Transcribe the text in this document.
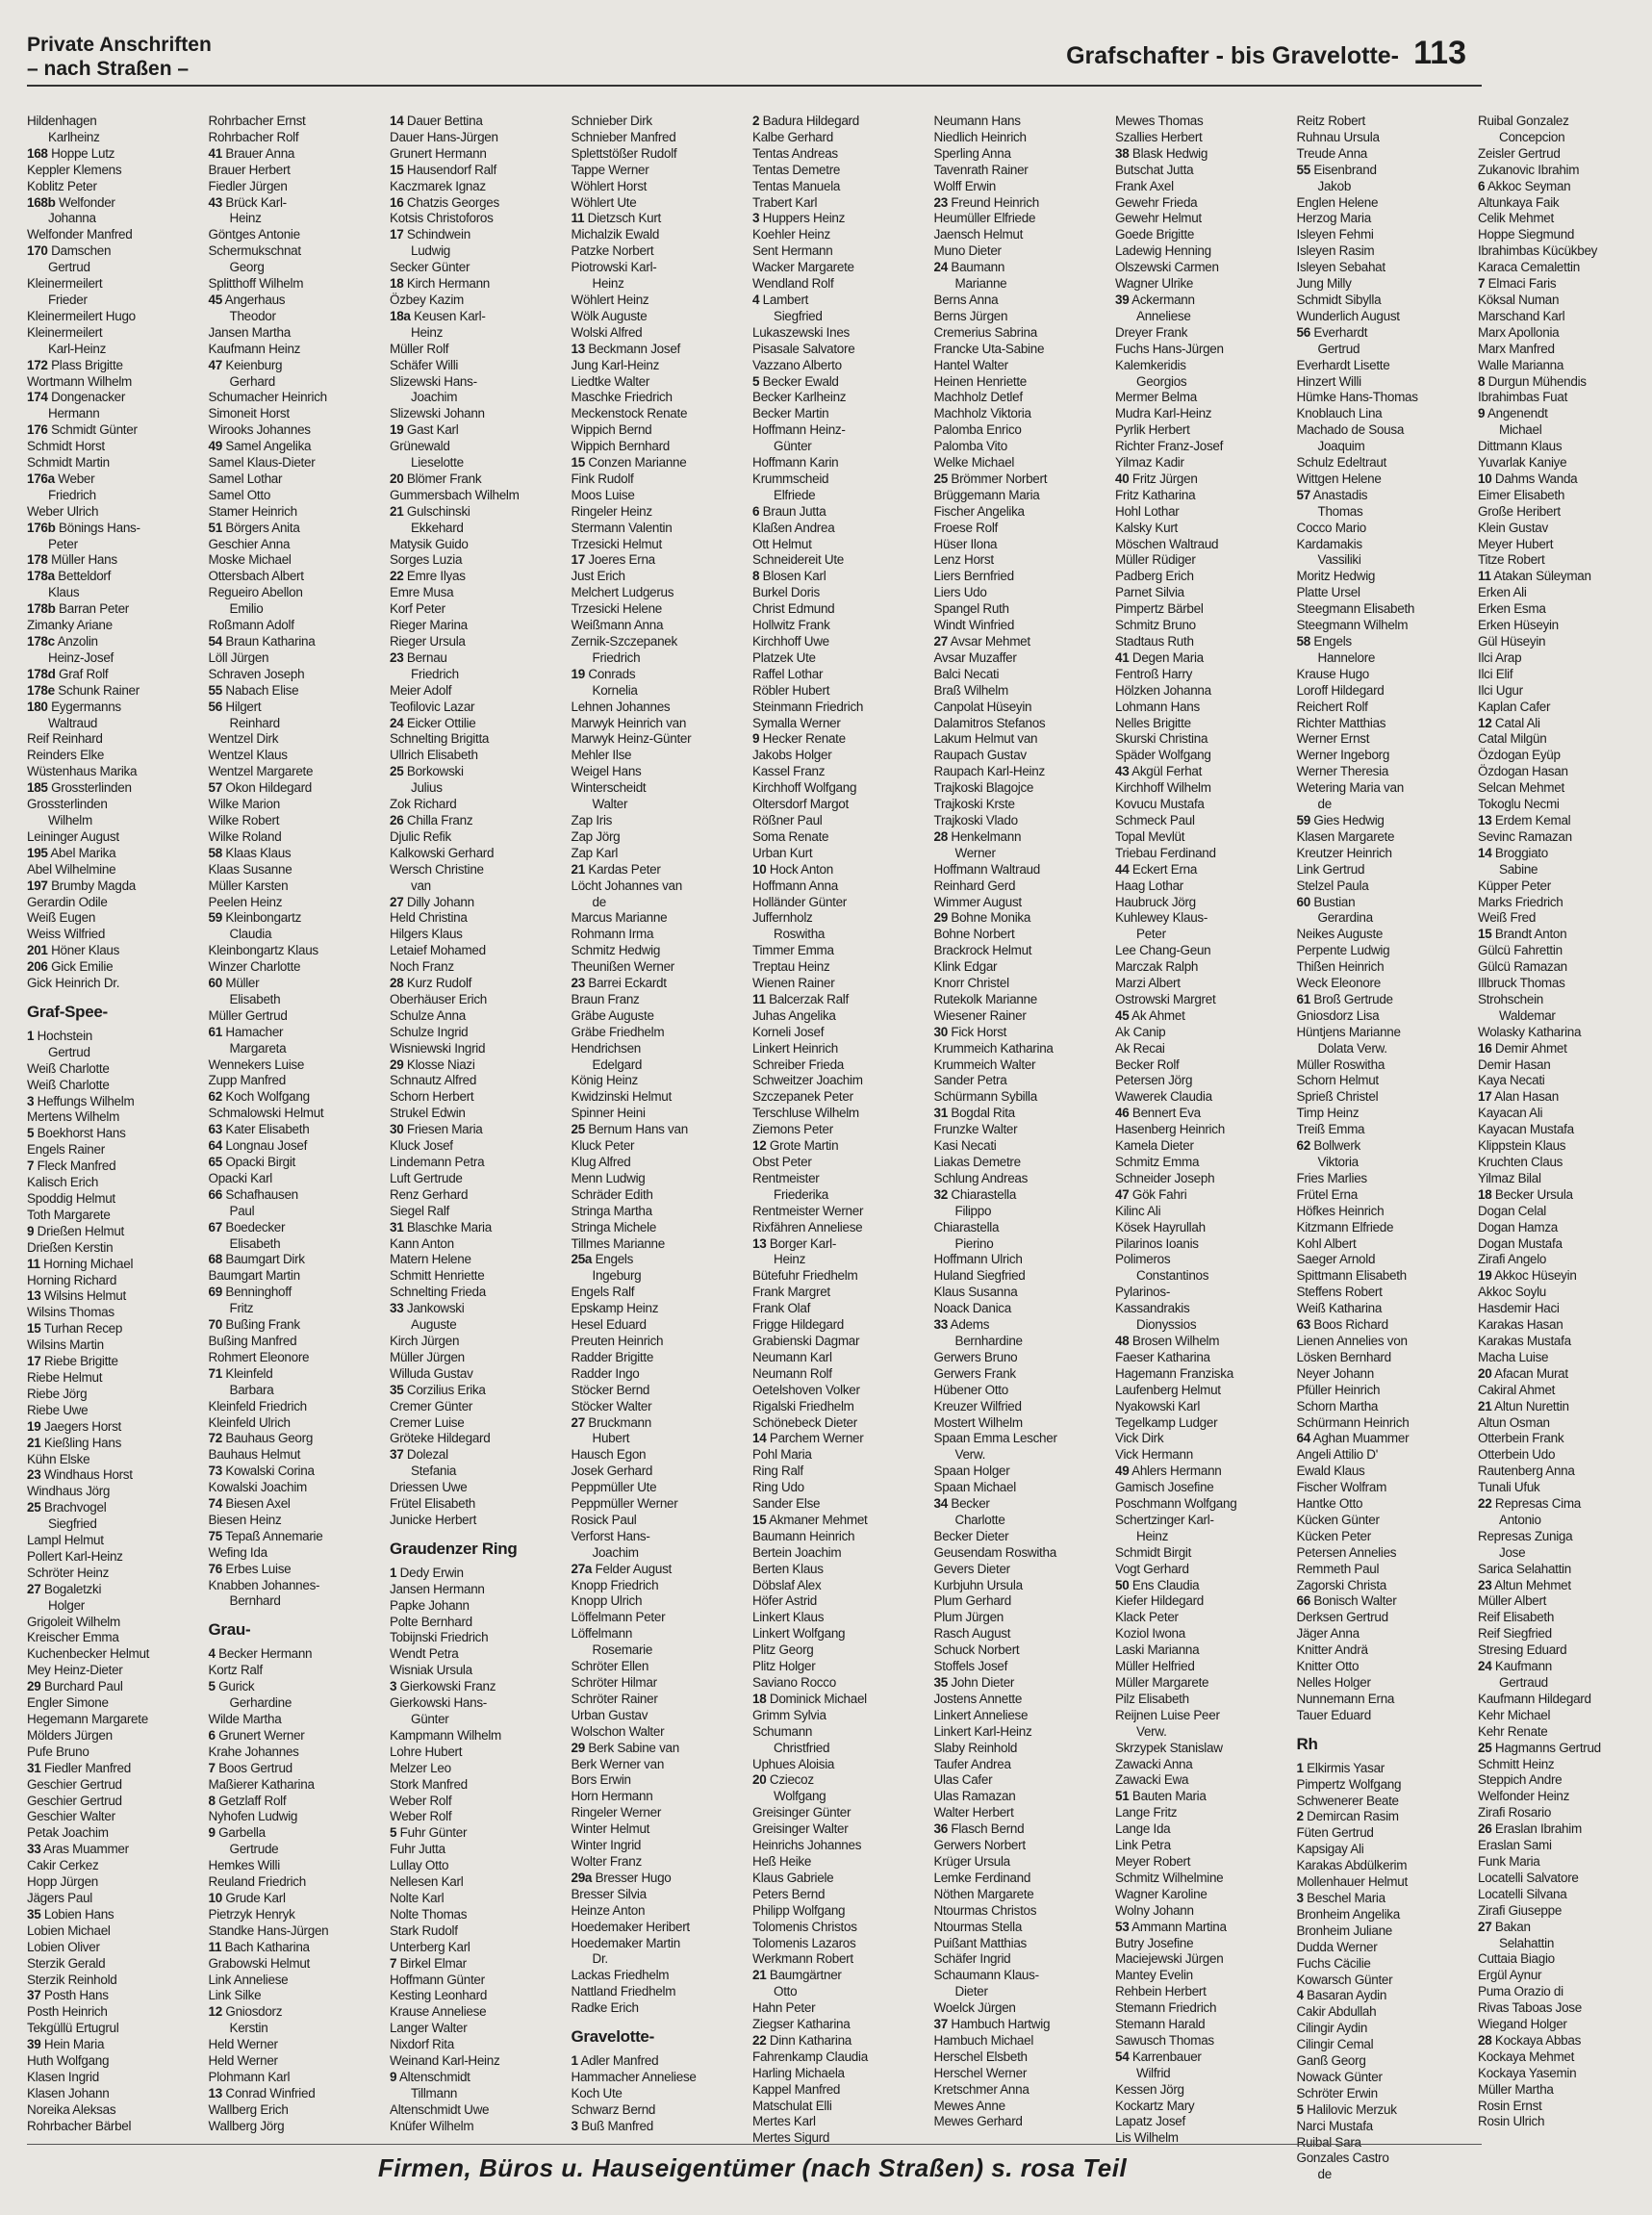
Private Anschriften
– nach Straßen –	Grafschafter - bis Gravelotte- 113
Hildenhagen
Karlheinz
168 Hoppe Lutz
Keppler Klemens
Koblitz Peter
168b Welfonder
Johanna
Welfonder Manfred
170 Damschen
Gertrud
Kleinermeilert
Frieder
Kleinermeilert Hugo
Kleinermeilert
Karl-Heinz
172 Plass Brigitte
Wortmann Wilhelm
174 Dongenacker
Hermann
176 Schmidt Günter
Schmidt Horst
Schmidt Martin
176a Weber
Friedrich
Weber Ulrich
176b Bönings Hans-
Peter
178 Müller Hans
178a Betteldorf
Klaus
178b Barran Peter
Zimanky Ariane
178c Anzolin
Heinz-Josef
178d Graf Rolf
178e Schunk Rainer
180 Eygermanns
Waltraud
Reif Reinhard
Reinders Elke
Wüstenhaus Marika
185 Grossterlinden
Grossterlinden
Wilhelm
Leininger August
195 Abel Marika
Abel Wilhelmine
197 Brumby Magda
Gerardin Odile
Weiß Eugen
Weiss Wilfried
201 Höner Klaus
206 Gick Emilie
Gick Heinrich Dr.
Graf-Spee-
1 Hochstein
Gertrud
Weiß Charlotte
Weiß Charlotte
3 Heffungs Wilhelm
Mertens Wilhelm
5 Boekhorst Hans
Engels Rainer
7 Fleck Manfred
Kalisch Erich
Spoddig Helmut
Toth Margarete
9 Drießen Helmut
Drießen Kerstin
11 Horning Michael
Horning Richard
13 Wilsins Helmut
Wilsins Thomas
15 Turhan Recep
Wilsins Martin
17 Riebe Brigitte
Riebe Helmut
Riebe Jörg
Riebe Uwe
19 Jaegers Horst
21 Kießling Hans
Kühn Elske
23 Windhaus Horst
Windhaus Jörg
25 Brachvogel
Siegfried
Lampl Helmut
Pollert Karl-Heinz
Schröter Heinz
27 Bogaletzki
Holger
Grigoleit Wilhelm
Kreischer Emma
Kuchenbecker Helmut
Mey Heinz-Dieter
29 Burchard Paul
Engler Simone
Hegemann Margarete
Mölders Jürgen
Pufe Bruno
31 Fiedler Manfred
Geschier Gertrud
Geschier Gertrud
Geschier Walter
Petak Joachim
33 Aras Muammer
Cakir Cerkez
Hopp Jürgen
Jägers Paul
35 Lobien Hans
Lobien Michael
Lobien Oliver
Sterzik Gerald
Sterzik Reinhold
37 Posth Hans
Posth Heinrich
Tekgüllü Ertugrul
39 Hein Maria
Huth Wolfgang
Klasen Ingrid
Klasen Johann
Noreika Aleksas
Rohrbacher Bärbel
Rohrbacher Ernst
Rohrbacher Rolf
41 Brauer Anna
Brauer Herbert
Fiedler Jürgen
43 Brück Karl-
Heinz
Göntges Antonie
Schermukschnat
Georg
Splitthoff Wilhelm
45 Angerhaus
Theodor
Jansen Martha
Kaufmann Heinz
47 Keienburg
Gerhard
Schumacher Heinrich
Simoneit Horst
Wirooks Johannes
49 Samel Angelika
Samel Klaus-Dieter
Samel Lothar
Samel Otto
Stamer Heinrich
51 Börgers Anita
Geschier Anna
Moske Michael
Ottersbach Albert
Regueiro Abellon
Emilio
Roßmann Adolf
54 Braun Katharina
Löll Jürgen
Schraven Joseph
55 Nabach Elise
56 Hilgert
Reinhard
Wentzel Dirk
Wentzel Klaus
Wentzel Margarete
57 Okon Hildegard
Wilke Marion
Wilke Robert
Wilke Roland
58 Klaas Klaus
Klaas Susanne
Müller Karsten
Peelen Heinz
59 Kleinbongartz
Claudia
Kleinbongartz Klaus
Winzer Charlotte
60 Müller
Elisabeth
Müller Gertrud
61 Hamacher
Margareta
Wennekers Luise
Zupp Manfred
62 Koch Wolfgang
Schmalowski Helmut
63 Kater Elisabeth
64 Longnau Josef
65 Opacki Birgit
Opacki Karl
66 Schafhausen
Paul
67 Boedecker
Elisabeth
68 Baumgart Dirk
Baumgart Martin
69 Benninghoff
Fritz
70 Bußing Frank
Bußing Manfred
Rohmert Eleonore
71 Kleinfeld
Barbara
Kleinfeld Friedrich
Kleinfeld Ulrich
72 Bauhaus Georg
Bauhaus Helmut
73 Kowalski Corina
Kowalski Joachim
74 Biesen Axel
Biesen Heinz
75 Tepaß Annemarie
Wefing Ida
76 Erbes Luise
Knabben Johannes-
Bernhard
Grau-
4 Becker Hermann
Kortz Ralf
5 Gurick
Gerhardine
Wilde Martha
6 Grunert Werner
Krahe Johannes
7 Boos Gertrud
Maßierer Katharina
8 Getzlaff Rolf
Nyhofen Ludwig
9 Garbella
Gertrude
Hemkes Willi
Reuland Friedrich
10 Grude Karl
Pietrzyk Henryk
Standke Hans-Jürgen
11 Bach Katharina
Grabowski Helmut
Link Anneliese
Link Silke
12 Gniosdorz
Kerstin
Held Werner
Held Werner
Plohmann Karl
13 Conrad Winfried
Wallberg Erich
Wallberg Jörg
14 Dauer Bettina
Dauer Hans-Jürgen
Grunert Hermann
15 Hausendorf Ralf
Kaczmarek Ignaz
16 Chatzis Georges
Kotsis Christoforos
17 Schindwein
Ludwig
Secker Günter
18 Kirch Hermann
Özbey Kazim
18a Keusen Karl-
Heinz
Müller Rolf
Schäfer Willi
Slizewski Hans-
Joachim
Slizewski Johann
19 Gast Karl
Grünewald
Lieselotte
20 Blömer Frank
Gummersbach Wilhelm
21 Gulschinski
Ekkehard
Matysik Guido
Sorges Luzia
22 Emre Ilyas
Emre Musa
Korf Peter
Rieger Marina
Rieger Ursula
23 Bernau
Friedrich
Meier Adolf
Teofilovic Lazar
24 Eicker Ottilie
Schnelting Brigitta
Ullrich Elisabeth
25 Borkowski
Julius
Zok Richard
26 Chilla Franz
Djulic Refik
Kalkowski Gerhard
Wersch Christine
van
27 Dilly Johann
Held Christina
Hilgers Klaus
Letaief Mohamed
Noch Franz
28 Kurz Rudolf
Oberhäuser Erich
Schulze Anna
Schulze Ingrid
Wisniewski Ingrid
29 Klosse Niazi
Schnautz Alfred
Schorn Herbert
Strukel Edwin
30 Friesen Maria
Kluck Josef
Lindemann Petra
Luft Gertrude
Renz Gerhard
Siegel Ralf
31 Blaschke Maria
Kann Anton
Matern Helene
Schmitt Henriette
Schnelting Frieda
33 Jankowski
Auguste
Kirch Jürgen
Müller Jürgen
Willuda Gustav
35 Corzilius Erika
Cremer Günter
Cremer Luise
Gröteke Hildegard
37 Dolezal
Stefania
Driessen Uwe
Frütel Elisabeth
Junicke Herbert
Graudenzer Ring
1 Dedy Erwin
Jansen Hermann
Papke Johann
Polte Bernhard
Tobijnski Friedrich
Wendt Petra
Wisniak Ursula
3 Gierkowski Franz
Gierkowski Hans-
Günter
Kampmann Wilhelm
Lohre Hubert
Melzer Leo
Stork Manfred
Weber Rolf
Weber Rolf
5 Fuhr Günter
Fuhr Jutta
Lullay Otto
Nellesen Karl
Nolte Karl
Nolte Thomas
Stark Rudolf
Unterberg Karl
7 Birkel Elmar
Hoffmann Günter
Kesting Leonhard
Krause Anneliese
Langer Walter
Nixdorf Rita
Weinand Karl-Heinz
9 Altenschmidt
Tillmann
Altenschmidt Uwe
Knüfer Wilhelm
Schnieber Dirk
Schnieber Manfred
Splettstößer Rudolf
Tappe Werner
Wöhlert Horst
Wöhlert Ute
11 Dietzsch Kurt
Michalzik Ewald
Patzke Norbert
Piotrowski Karl-
Heinz
Wöhlert Heinz
Wölk Auguste
Wolski Alfred
13 Beckmann Josef
Jung Karl-Heinz
Liedtke Walter
Maschke Friedrich
Meckenstock Renate
Wippich Bernd
Wippich Bernhard
15 Conzen Marianne
Fink Rudolf
Moos Luise
Ringeler Heinz
Stermann Valentin
Trzesicki Helmut
17 Joeres Erna
Just Erich
Melchert Ludgerus
Trzesicki Helene
Weißmann Anna
Zernik-Szczepanek
Friedrich
19 Conrads
Kornelia
Lehnen Johannes
Marwyk Heinrich van
Marwyk Heinz-Günter
Mehler Ilse
Weigel Hans
Winterscheidt
Walter
Zap Iris
Zap Jörg
Zap Karl
21 Kardas Peter
Löcht Johannes van
de
Marcus Marianne
Rohmann Irma
Schmitz Hedwig
Theunißen Werner
23 Barrei Eckardt
Braun Franz
Gräbe Auguste
Gräbe Friedhelm
Hendrichsen
Edelgard
König Heinz
Kwidzinski Helmut
Spinner Heini
25 Bernum Hans van
Kluck Peter
Klug Alfred
Menn Ludwig
Schräder Edith
Stringa Martha
Stringa Michele
Tillmes Marianne
25a Engels
Ingeburg
Engels Ralf
Epskamp Heinz
Hesel Eduard
Preuten Heinrich
Radder Brigitte
Radder Ingo
Stöcker Bernd
Stöcker Walter
27 Bruckmann
Hubert
Hausch Egon
Josek Gerhard
Peppmüller Ute
Peppmüller Werner
Rosick Paul
Verforst Hans-
Joachim
27a Felder August
Knopp Friedrich
Knopp Ulrich
Löffelmann Peter
Löffelmann
Rosemarie
Schröter Ellen
Schröter Hilmar
Schröter Rainer
Urban Gustav
Wolschon Walter
29 Berk Sabine van
Berk Werner van
Bors Erwin
Horn Hermann
Ringeler Werner
Winter Helmut
Winter Ingrid
Wolter Franz
29a Bresser Hugo
Bresser Silvia
Heinze Anton
Hoedemaker Heribert
Hoedemaker Martin
Dr.
Lackas Friedhelm
Nattland Friedhelm
Radke Erich
Gravelotte-
1 Adler Manfred
Hammacher Anneliese
Koch Ute
Schwarz Bernd
3 Buß Manfred
2 Badura Hildegard
Kalbe Gerhard
Tentas Andreas
Tentas Demetre
Tentas Manuela
Trabert Karl
3 Huppers Heinz
Koehler Heinz
Sent Hermann
Wacker Margarete
Wendland Rolf
4 Lambert
Siegfried
Lukaszewski Ines
Pisasale Salvatore
Vazzano Alberto
5 Becker Ewald
Becker Karlheinz
Becker Martin
Hoffmann Heinz-
Günter
Hoffmann Karin
Krummscheid
Elfriede
6 Braun Jutta
Klaßen Andrea
Ott Helmut
Schneidereit Ute
8 Blosen Karl
Burkel Doris
Christ Edmund
Hollwitz Frank
Kirchhoff Uwe
Platzek Ute
Raffel Lothar
Röbler Hubert
Steinmann Friedrich
Symalla Werner
9 Hecker Renate
Jakobs Holger
Kassel Franz
Kirchhoff Wolfgang
Oltersdorf Margot
Rößner Paul
Soma Renate
Urban Kurt
10 Hock Anton
Hoffmann Anna
Holländer Günter
Juffernholz
Roswitha
Timmer Emma
Treptau Heinz
Wienen Rainer
11 Balcerzak Ralf
Juhas Angelika
Korneli Josef
Linkert Heinrich
Schreiber Frieda
Schweitzer Joachim
Szczepanek Peter
Terschluse Wilhelm
Ziemons Peter
12 Grote Martin
Obst Peter
Rentmeister
Friederika
Rentmeister Werner
Rixfähren Anneliese
13 Borger Karl-
Heinz
Bütefuhr Friedhelm
Frank Margret
Frank Olaf
Frigge Hildegard
Grabienski Dagmar
Neumann Karl
Neumann Rolf
Oetelshoven Volker
Rigalski Friedhelm
Schönebeck Dieter
14 Parchem Werner
Pohl Maria
Ring Ralf
Ring Udo
Sander Else
15 Akmaner Mehmet
Baumann Heinrich
Bertein Joachim
Berten Klaus
Döbslaf Alex
Höfer Astrid
Linkert Klaus
Linkert Wolfgang
Plitz Georg
Plitz Holger
Saviano Rocco
18 Dominick Michael
Grimm Sylvia
Schumann
Christfried
Uphues Aloisia
20 Cziecoz
Wolfgang
Greisinger Günter
Greisinger Walter
Heinrichs Johannes
Heß Heike
Klaus Gabriele
Peters Bernd
Philipp Wolfgang
Tolomenis Christos
Tolomenis Lazaros
Werkmann Robert
21 Baumgärtner
Otto
Hahn Peter
Ziegser Katharina
22 Dinn Katharina
Fahrenkamp Claudia
Harling Michaela
Kappel Manfred
Matschulat Elli
Mertes Karl
Mertes Sigurd
Neumann Hans
Niedlich Heinrich
Sperling Anna
Tavenrath Rainer
Wolff Erwin
23 Freund Heinrich
Heumüller Elfriede
Jaensch Helmut
Muno Dieter
24 Baumann
Marianne
Berns Anna
Berns Jürgen
Cremerius Sabrina
Francke Uta-Sabine
Hantel Walter
Heinen Henriette
Machholz Detlef
Machholz Viktoria
Palomba Enrico
Palomba Vito
Welke Michael
25 Brömmer Norbert
Brüggemann Maria
Fischer Angelika
Froese Rolf
Hüser Ilona
Lenz Horst
Liers Bernfried
Liers Udo
Spangel Ruth
Windt Winfried
27 Avsar Mehmet
Avsar Muzaffer
Balci Necati
Braß Wilhelm
Canpolat Hüseyin
Dalamitros Stefanos
Lakum Helmut van
Raupach Gustav
Raupach Karl-Heinz
Trajkoski Blagojce
Trajkoski Krste
Trajkoski Vlado
28 Henkelmann
Werner
Hoffmann Waltraud
Reinhard Gerd
Wimmer August
29 Bohne Monika
Bohne Norbert
Brackrock Helmut
Klink Edgar
Knorr Christel
Rutekolk Marianne
Wiesener Rainer
30 Fick Horst
Krummeich Katharina
Krummeich Walter
Sander Petra
Schürmann Sybilla
31 Bogdal Rita
Frunzke Walter
Kasi Necati
Liakas Demetre
Schlung Andreas
32 Chiarastella
Filippo
Chiarastella
Pierino
Hoffmann Ulrich
Huland Siegfried
Klaus Susanna
Noack Danica
33 Adems
Bernhardine
Gerwers Bruno
Gerwers Frank
Hübener Otto
Kreuzer Wilfried
Mostert Wilhelm
Spaan Emma Lescher
Verw.
Spaan Holger
Spaan Michael
34 Becker
Charlotte
Becker Dieter
Geusendam Roswitha
Gevers Dieter
Kurbjuhn Ursula
Plum Gerhard
Plum Jürgen
Rasch August
Schuck Norbert
Stoffels Josef
35 John Dieter
Jostens Annette
Linkert Anneliese
Linkert Karl-Heinz
Slaby Reinhold
Taufer Andrea
Ulas Cafer
Ulas Ramazan
Walter Herbert
36 Flasch Bernd
Gerwers Norbert
Krüger Ursula
Lemke Ferdinand
Nöthen Margarete
Ntourmas Christos
Ntourmas Stella
Puißant Matthias
Schäfer Ingrid
Schaumann Klaus-
Dieter
Woelck Jürgen
37 Hambuch Hartwig
Hambuch Michael
Herschel Elsbeth
Herschel Werner
Kretschmer Anna
Mewes Anne
Mewes Gerhard
Mewes Thomas
Szallies Herbert
38 Blask Hedwig
Butschat Jutta
Frank Axel
Gewehr Frieda
Gewehr Helmut
Goede Brigitte
Ladewig Henning
Olszewski Carmen
Wagner Ulrike
39 Ackermann
Anneliese
Dreyer Frank
Fuchs Hans-Jürgen
Kalemkeridis
Georgios
Mermer Belma
Mudra Karl-Heinz
Pyrlik Herbert
Richter Franz-Josef
Yilmaz Kadir
40 Fritz Jürgen
Fritz Katharina
Hohl Lothar
Kalsky Kurt
Möschen Waltraud
Müller Rüdiger
Padberg Erich
Parnet Silvia
Pimpertz Bärbel
Schmitz Bruno
Stadtaus Ruth
41 Degen Maria
Fentroß Harry
Hölzken Johanna
Lohmann Hans
Nelles Brigitte
Skurski Christina
Späder Wolfgang
43 Akgül Ferhat
Kirchhoff Wilhelm
Kovucu Mustafa
Schmeck Paul
Topal Mevlüt
Triebau Ferdinand
44 Eckert Erna
Haag Lothar
Haubruck Jörg
Kuhlewey Klaus-
Peter
Lee Chang-Geun
Marczak Ralph
Marzi Albert
Ostrowski Margret
45 Ak Ahmet
Ak Canip
Ak Recai
Becker Rolf
Petersen Jörg
Wawerek Claudia
46 Bennert Eva
Hasenberg Heinrich
Kamela Dieter
Schmitz Emma
Schneider Joseph
47 Gök Fahri
Kilinc Ali
Kösek Hayrullah
Pilarinos Ioanis
Polimeros
Constantinos
Pylarinos-
Kassandrakis
Dionyssios
48 Brosen Wilhelm
Faeser Katharina
Hagemann Franziska
Laufenberg Helmut
Nyakowski Karl
Tegelkamp Ludger
Vick Dirk
Vick Hermann
49 Ahlers Hermann
Gamisch Josefine
Poschmann Wolfgang
Schertzinger Karl-
Heinz
Schmidt Birgit
Vogt Gerhard
50 Ens Claudia
Kiefer Hildegard
Klack Peter
Koziol Iwona
Laski Marianna
Müller Helfried
Müller Margarete
Pilz Elisabeth
Reijnen Luise Peer
Verw.
Skrzypek Stanislaw
Zawacki Anna
Zawacki Ewa
51 Bauten Maria
Lange Fritz
Lange Ida
Link Petra
Meyer Robert
Schmitz Wilhelmine
Wagner Karoline
Wolny Johann
53 Ammann Martina
Butry Josefine
Maciejewski Jürgen
Mantey Evelin
Rehbein Herbert
Stemann Friedrich
Stemann Harald
Sawusch Thomas
54 Karrenbauer
Wilfrid
Kessen Jörg
Kockartz Mary
Lapatz Josef
Lis Wilhelm
Reitz Robert
Ruhnau Ursula
Treude Anna
55 Eisenbrand
Jakob
Englen Helene
Herzog Maria
Isleyen Fehmi
Isleyen Rasim
Isleyen Sebahat
Jung Milly
Schmidt Sibylla
Wunderlich August
56 Everhardt
Gertrud
Everhardt Lisette
Hinzert Willi
Hümke Hans-Thomas
Knoblauch Lina
Machado de Sousa
Joaquim
Schulz Edeltraut
Wittgen Helene
57 Anastadis
Thomas
Cocco Mario
Kardamakis
Vassiliki
Moritz Hedwig
Platte Ursel
Steegmann Elisabeth
Steegmann Wilhelm
58 Engels
Hannelore
Krause Hugo
Loroff Hildegard
Reichert Rolf
Richter Matthias
Werner Ernst
Werner Ingeborg
Werner Theresia
Wetering Maria van
de
59 Gies Hedwig
Klasen Margarete
Kreutzer Heinrich
Link Gertrud
Stelzel Paula
60 Bustian
Gerardina
Neikes Auguste
Perpente Ludwig
Thißen Heinrich
Weck Eleonore
61 Broß Gertrude
Gniosdorz Lisa
Hüntjens Marianne
Dolata Verw.
Müller Roswitha
Schorn Helmut
Sprieß Christel
Timp Heinz
Treiß Emma
62 Bollwerk
Viktoria
Fries Marlies
Frütel Erna
Höfkes Heinrich
Kitzmann Elfriede
Kohl Albert
Saeger Arnold
Spittmann Elisabeth
Steffens Robert
Weiß Katharina
63 Boos Richard
Lienen Annelies von
Lösken Bernhard
Neyer Johann
Pfüller Heinrich
Schorn Martha
Schürmann Heinrich
64 Aghan Muammer
Angeli Attilio D'
Ewald Klaus
Fischer Wolfram
Hantke Otto
Kücken Günter
Kücken Peter
Petersen Annelies
Remmeth Paul
Zagorski Christa
66 Bonisch Walter
Derksen Gertrud
Jäger Anna
Knitter Andrä
Knitter Otto
Nelles Holger
Nunnemann Erna
Tauer Eduard
Rh
1 Elkirmis Yasar
Pimpertz Wolfgang
Schwenerer Beate
2 Demircan Rasim
Füten Gertrud
Kapsigay Ali
Karakas Abdülkerim
Mollenhauer Helmut
3 Beschel Maria
Bronheim Angelika
Bronheim Juliane
Dudda Werner
Fuchs Cäcilie
Kowarsch Günter
4 Basaran Aydin
Cakir Abdullah
Cilingir Aydin
Cilingir Cemal
Ganß Georg
Nowack Günter
Schröter Erwin
5 Halilovic Merzuk
Narci Mustafa
Ruibal Sara
Gonzales Castro
de
Ruibal Gonzalez
Concepcion
Zeisler Gertrud
Zukanovic Ibrahim
6 Akkoc Seyman
Altunkaya Faik
Celik Mehmet
Hoppe Siegmund
Ibrahimbas Kücükbey
Karaca Cemalettin
7 Elmaci Faris
Köksal Numan
Marschand Karl
Marx Apollonia
Marx Manfred
Walle Marianna
8 Durgun Mühendis
Ibrahimbas Fuat
9 Angenendt
Michael
Dittmann Klaus
Yuvarlak Kaniye
10 Dahms Wanda
Eimer Elisabeth
Große Heribert
Klein Gustav
Meyer Hubert
Titze Robert
11 Atakan Süleyman
Erken Ali
Erken Esma
Erken Hüseyin
Gül Hüseyin
Ilci Arap
Ilci Elif
Ilci Ugur
Kaplan Cafer
12 Catal Ali
Catal Milgün
Özdogan Eyüp
Özdogan Hasan
Selcan Mehmet
Tokoglu Necmi
13 Erdem Kemal
Sevinc Ramazan
14 Broggiato
Sabine
Küpper Peter
Marks Friedrich
Weiß Fred
15 Brandt Anton
Gülcü Fahrettin
Gülcü Ramazan
Illbruck Thomas
Strohschein
Waldemar
Wolasky Katharina
16 Demir Ahmet
Demir Hasan
Kaya Necati
17 Alan Hasan
Kayacan Ali
Kayacan Mustafa
Klippstein Klaus
Kruchten Claus
Yilmaz Bilal
18 Becker Ursula
Dogan Celal
Dogan Hamza
Dogan Mustafa
Zirafi Angelo
19 Akkoc Hüseyin
Akkoc Soylu
Hasdemir Haci
Karakas Hasan
Karakas Mustafa
Macha Luise
20 Afacan Murat
Cakiral Ahmet
21 Altun Nurettin
Altun Osman
Otterbein Frank
Otterbein Udo
Rautenberg Anna
Tunali Ufuk
22 Represas Cima
Antonio
Represas Zuniga
Jose
Sarica Selahattin
23 Altun Mehmet
Müller Albert
Reif Elisabeth
Reif Siegfried
Stresing Eduard
24 Kaufmann
Gertraud
Kaufmann Hildegard
Kehr Michael
Kehr Renate
25 Hagmanns Gertrud
Schmitt Heinz
Steppich Andre
Welfonder Heinz
Zirafi Rosario
26 Eraslan Ibrahim
Eraslan Sami
Funk Maria
Locatelli Salvatore
Locatelli Silvana
Zirafi Giuseppe
27 Bakan
Selahattin
Cuttaia Biagio
Ergül Aynur
Puma Orazio di
Rivas Taboas Jose
Wiegand Holger
28 Kockaya Abbas
Kockaya Mehmet
Kockaya Yasemin
Müller Martha
Rosin Ernst
Rosin Ulrich
Firmen, Büros u. Hauseigentümer (nach Straßen) s. rosa Teil
